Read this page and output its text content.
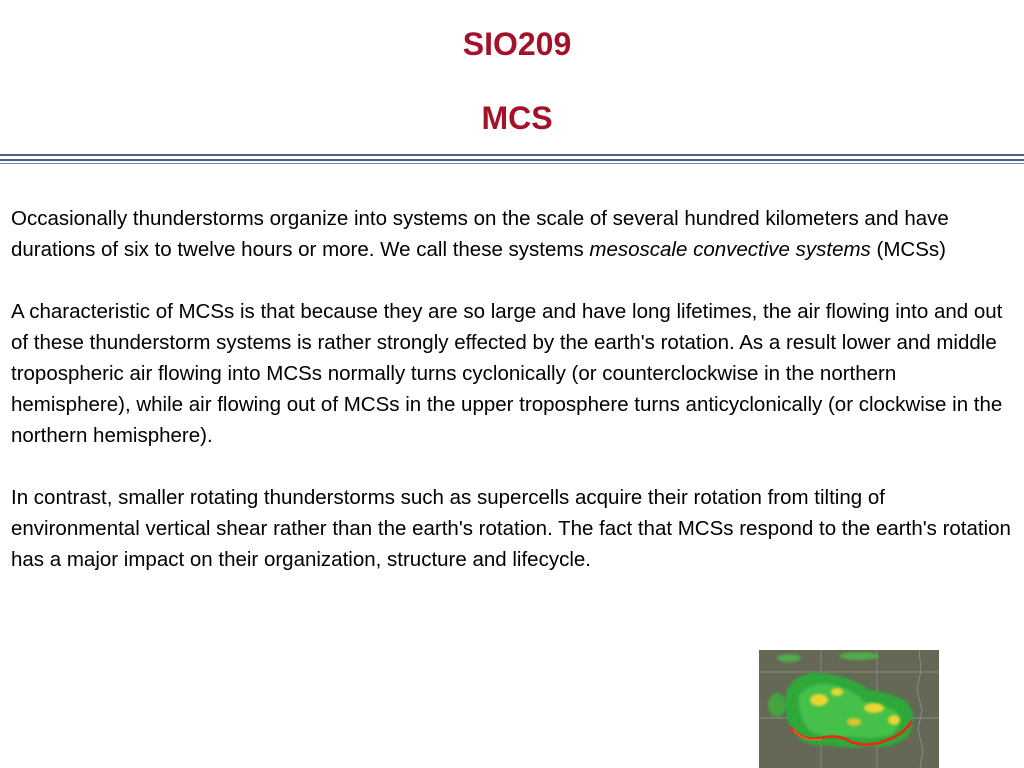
SIO209
MCS

Occasionally thunderstorms organize into systems on the scale of several hundred kilometers and have durations of six to twelve hours or more. We call these systems mesoscale convective systems (MCSs)

A characteristic of MCSs is that because they are so large and have long lifetimes, the air flowing into and out of these thunderstorm systems is rather strongly effected by the earth's rotation. As a result lower and middle tropospheric air flowing into MCSs normally turns cyclonically (or counterclockwise in the northern hemisphere), while air flowing out of MCSs in the upper troposphere turns anticyclonically (or clockwise in the northern hemisphere).

In contrast, smaller rotating thunderstorms such as supercells acquire their rotation from tilting of environmental vertical shear rather than the earth's rotation. The fact that MCSs respond to the earth's rotation has a major impact on their organization, structure and lifecycle.
